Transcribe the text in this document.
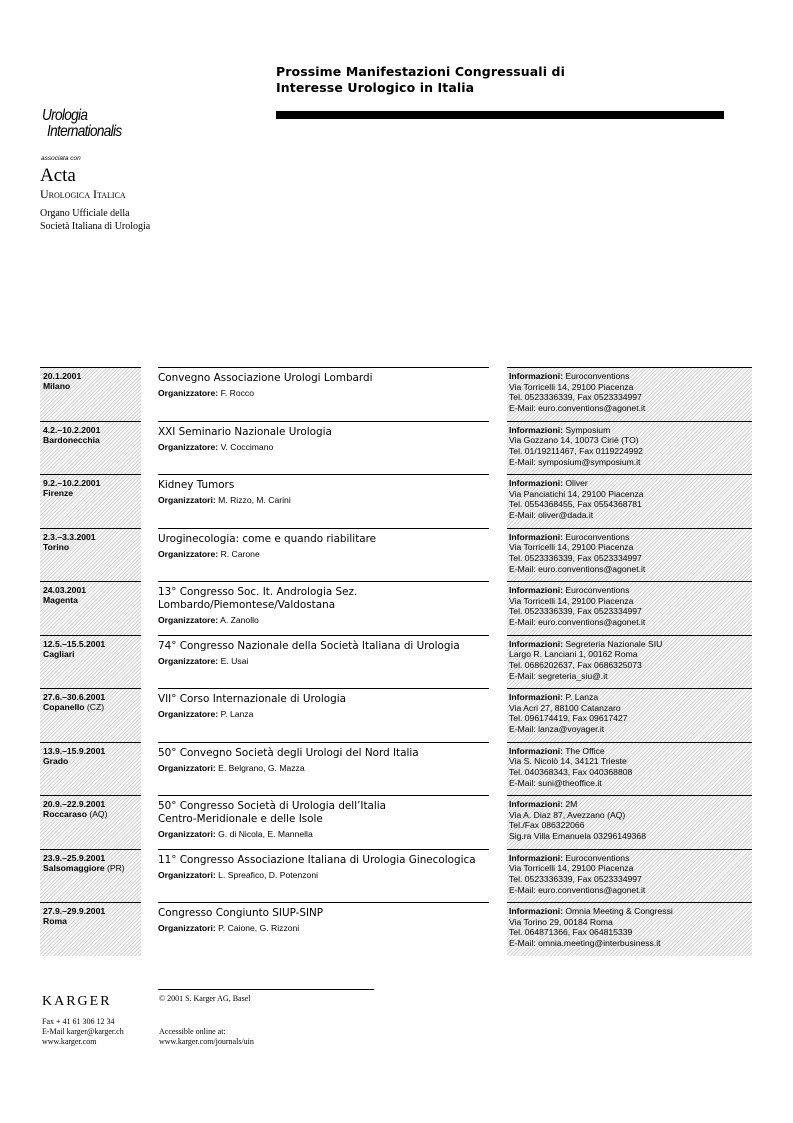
Prossime Manifestazioni Congressuali di
Interesse Urologico in Italia
Urologia
Internationalis
associata con
Acta
Urologica Italica
Organo Ufficiale della
Società Italiana di Urologia
20.1.2001
Milano
Convegno Associazione Urologi Lombardi
Organizzatore: F. Rocco
Informazioni: Euroconventions
Via Torricelli 14, 29100 Piacenza
Tel. 0523336339, Fax 0523334997
E-Mail: euro.conventions@agonet.it
4.2.–10.2.2001
Bardonecchia
XXI Seminario Nazionale Urologia
Organizzatore: V. Coccimano
Informazioni: Symposium
Via Gozzano 14, 10073 Ciriè (TO)
Tel. 01/19211467, Fax 0119224992
E-Mail: symposium@symposium.it
9.2.–10.2.2001
Firenze
Kidney Tumors
Organizzatori: M. Rizzo, M. Carini
Informazioni: Oliver
Via Panciatichi 14, 29100 Piacenza
Tel. 0554368455, Fax 0554368781
E-Mail: oliver@dada.it
2.3.–3.3.2001
Torino
Uroginecologia: come e quando riabilitare
Organizzatore: R. Carone
Informazioni: Euroconventions
Via Torricelli 14, 29100 Piacenza
Tel. 0523336339, Fax 0523334997
E-Mail: euro.conventions@agonet.it
24.03.2001
Magenta
13° Congresso Soc. It. Andrologia Sez.
Lombardo/Piemontese/Valdostana
Organizzatore: A. Zanollo
Informazioni: Euroconventions
Via Torricelli 14, 29100 Piacenza
Tel. 0523336339, Fax 0523334997
E-Mail: euro.conventions@agonet.it
12.5.–15.5.2001
Cagliari
74° Congresso Nazionale della Società Italiana di Urologia
Organizzatore: E. Usai
Informazioni: Segreteria Nazionale SIU
Largo R. Lanciani 1, 00162 Roma
Tel. 0686202637, Fax 0686325073
E-Mail: segreteria_siu@.it
27.6.–30.6.2001
Copanello (CZ)
VII° Corso Internazionale di Urologia
Organizzatore: P. Lanza
Informazioni: P. Lanza
Via Acri 27, 88100 Catanzaro
Tel. 096174419, Fax 09617427
E-Mail: lanza@voyager.it
13.9.–15.9.2001
Grado
50° Convegno Società degli Urologi del Nord Italia
Organizzatori: E. Belgrano, G. Mazza
Informazioni: The Office
Via S. Nicolò 14, 34121 Trieste
Tel. 040368343, Fax 040368808
E-Mail: suni@theoffice.it
20.9.–22.9.2001
Roccaraso (AQ)
50° Congresso Società di Urologia dell’Italia
Centro-Meridionale e delle Isole
Organizzatori: G. di Nicola, E. Mannella
Informazioni: 2M
Via A. Diaz 87, Avezzano (AQ)
Tel./Fax 086322066
Sig.ra Villa Emanuela 03296149368
23.9.–25.9.2001
Salsomaggiore (PR)
11° Congresso Associazione Italiana di Urologia Ginecologica
Organizzatori: L. Spreafico, D. Potenzoni
Informazioni: Euroconventions
Via Torricelli 14, 29100 Piacenza
Tel. 0523336339, Fax 0523334997
E-Mail: euro.conventions@agonet.it
27.9.–29.9.2001
Roma
Congresso Congiunto SIUP-SINP
Organizzatori: P. Caione, G. Rizzoni
Informazioni: Omnia Meeting & Congressi
Via Torino 29, 00184 Roma
Tel. 064871366, Fax 064815339
E-Mail: omnia.meeting@interbusiness.it
KARGER	© 2001 S. Karger AG, Basel
Fax + 41 61 306 12 34
E-Mail karger@karger.ch
www.karger.com
Accessible online at:
www.karger.com/journals/uin
